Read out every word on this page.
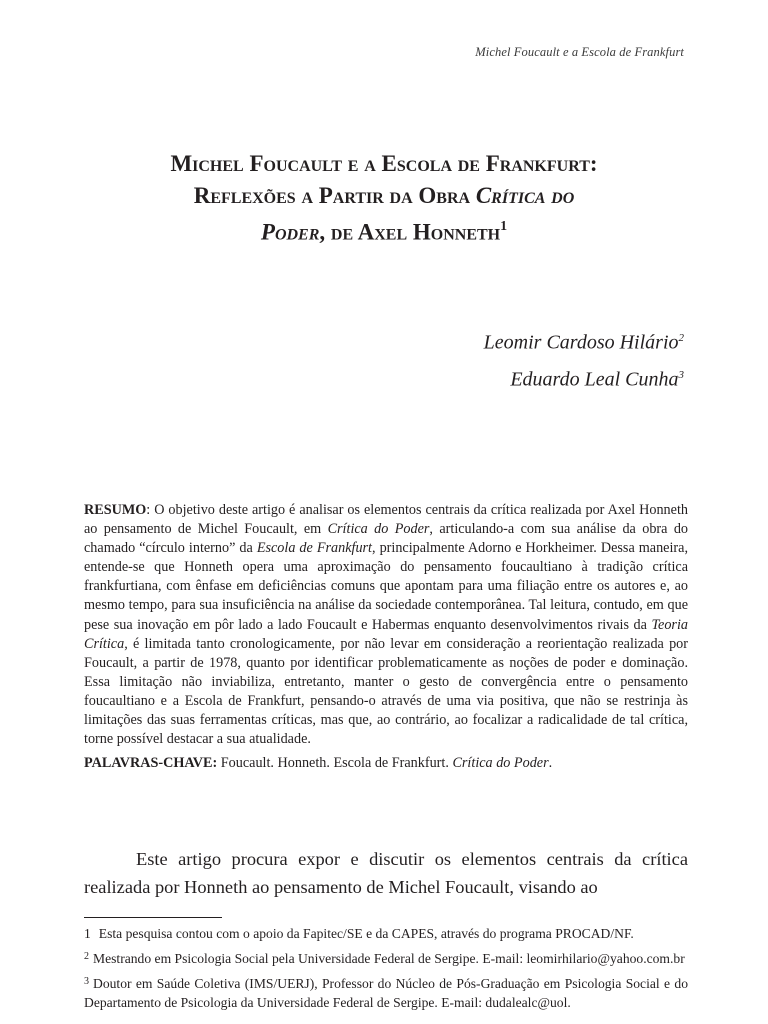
Michel Foucault e a Escola de Frankfurt
Michel Foucault e a Escola de Frankfurt:
Reflexões a Partir da Obra Crítica do
Poder, de Axel Honneth$^1$
Leomir Cardoso Hilário$^2$
Eduardo Leal Cunha$^3$

RESUMO: O objetivo deste artigo é analisar os elementos centrais da crítica realizada por Axel Honneth ao pensamento de Michel Foucault, em Crítica do Poder, articulando-a com sua análise da obra do chamado “círculo interno” da Escola de Frankfurt, principalmente Adorno e Horkheimer. Dessa maneira, entende-se que Honneth opera uma aproximação do pensamento foucaultiano à tradição crítica frankfurtiana, com ênfase em deficiências comuns que apontam para uma filiação entre os autores e, ao mesmo tempo, para sua insuficiência na análise da sociedade contemporânea. Tal leitura, contudo, em que pese sua inovação em pôr lado a lado Foucault e Habermas enquanto desenvolvimentos rivais da Teoria Crítica, é limitada tanto cronologicamente, por não levar em consideração a reorientação realizada por Foucault, a partir de 1978, quanto por identificar problematicamente as noções de poder e dominação. Essa limitação não inviabiliza, entretanto, manter o gesto de convergência entre o pensamento foucaultiano e a Escola de Frankfurt, pensando-o através de uma via positiva, que não se restrinja às limitações das suas ferramentas críticas, mas que, ao contrário, ao focalizar a radicalidade de tal crítica, torne possível destacar a sua atualidade.

PALAVRAS-CHAVE: Foucault. Honneth. Escola de Frankfurt. Crítica do Poder.

Este artigo procura expor e discutir os elementos centrais da crítica realizada por Honneth ao pensamento de Michel Foucault, visando ao

1 Esta pesquisa contou com o apoio da Fapitec/SE e da CAPES, através do programa PROCAD/NF.

$^2$ Mestrando em Psicologia Social pela Universidade Federal de Sergipe. E-mail: leomirhilario@yahoo.com.br

$^3$ Doutor em Saúde Coletiva (IMS/UERJ), Professor do Núcleo de Pós-Graduação em Psicologia Social e do Departamento de Psicologia da Universidade Federal de Sergipe. E-mail: dudalealc@uol.
